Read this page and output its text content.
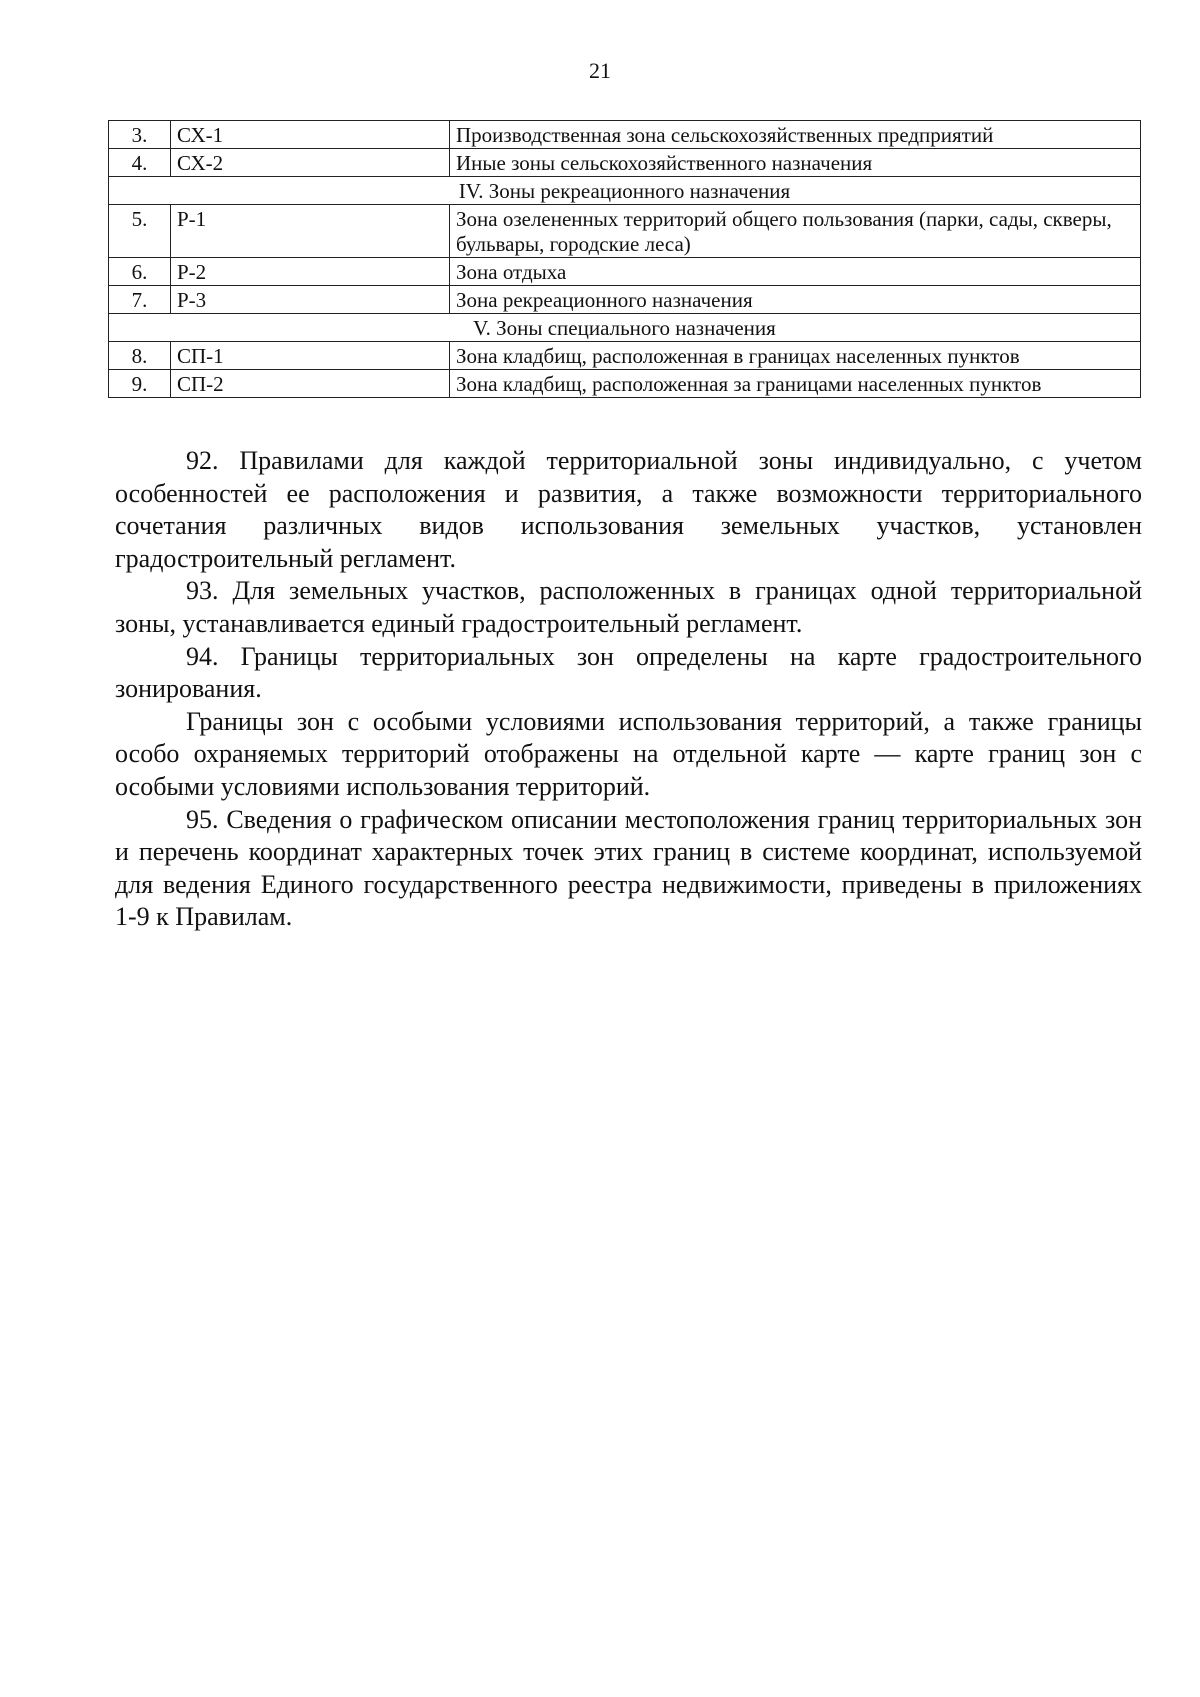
21
3.	СХ-1	Производственная зона сельскохозяйственных предприятий
4.	СХ-2	Иные зоны сельскохозяйственного назначения
IV. Зоны рекреационного назначения		
5.	Р-1	Зона озелененных территорий общего пользования (парки, сады, скверы, бульвары, городские леса)
6.	Р-2	Зона отдыха
7.	Р-3	Зона рекреационного назначения
V. Зоны специального назначения		
8.	СП-1	Зона кладбищ, расположенная в границах населенных пунктов
9.	СП-2	Зона кладбищ, расположенная за границами населенных пунктов

92. Правилами для каждой территориальной зоны индивидуально, с учетом особенностей ее расположения и развития, а также возможности территориального сочетания различных видов использования земельных участков, установлен градостроительный регламент.

93. Для земельных участков, расположенных в границах одной территориальной зоны, устанавливается единый градостроительный регламент.

94. Границы территориальных зон определены на карте градостроительного зонирования.

Границы зон с особыми условиями использования территорий, а также границы особо охраняемых территорий отображены на отдельной карте — карте границ зон с особыми условиями использования территорий.

95. Сведения о графическом описании местоположения границ территориальных зон и перечень координат характерных точек этих границ в системе координат, используемой для ведения Единого государственного реестра недвижимости, приведены в приложениях 1-9 к Правилам.
